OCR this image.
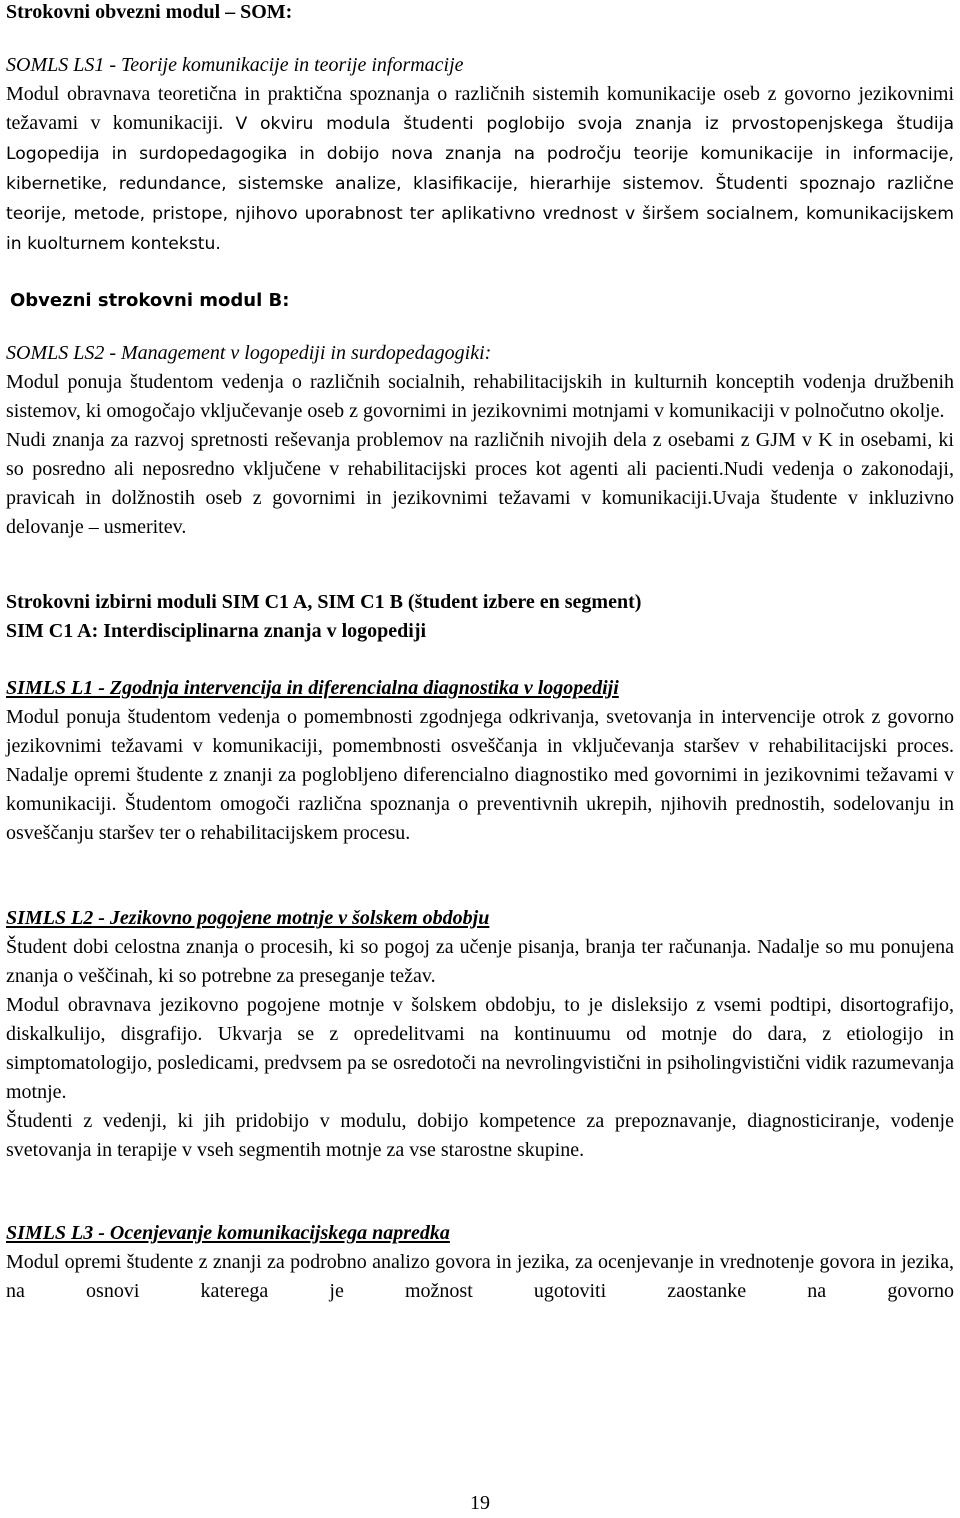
Strokovni obvezni modul – SOM:
SOMLS LS1 - Teorije komunikacije in teorije informacije
Modul obravnava teoretična in praktična spoznanja o različnih sistemih komunikacije oseb z govorno jezikovnimi težavami v komunikaciji. V okviru modula študenti poglobijo svoja znanja iz prvostopenjskega študija Logopedija in surdopedagogika in dobijo nova znanja na področju teorije komunikacije in informacije, kibernetike, redundance, sistemske analize, klasifikacije, hierarhije sistemov. Študenti spoznajo različne teorije, metode, pristope, njihovo uporabnost ter aplikativno vrednost v širšem socialnem, komunikacijskem in kuolturnem kontekstu.
Obvezni strokovni modul B:
SOMLS LS2 - Management v logopediji in surdopedagogiki:

Modul ponuja študentom vedenja o različnih socialnih, rehabilitacijskih in kulturnih konceptih vodenja družbenih sistemov, ki omogočajo vključevanje oseb z govornimi in jezikovnimi motnjami v komunikaciji v polnočutno okolje.

Nudi znanja za razvoj spretnosti reševanja problemov na različnih nivojih dela z osebami z GJM v K in osebami, ki so posredno ali neposredno vključene v rehabilitacijski proces kot agenti ali pacienti.Nudi vedenja o zakonodaji, pravicah in dolžnostih oseb z govornimi in jezikovnimi težavami v komunikaciji.Uvaja študente v inkluzivno delovanje – usmeritev.

Strokovni izbirni moduli SIM C1 A, SIM C1 B (študent izbere en segment)
SIM C1 A: Interdisciplinarna znanja v logopediji
SIMLS L1 - Zgodnja intervencija in diferencialna diagnostika v logopediji

Modul ponuja študentom vedenja o pomembnosti zgodnjega odkrivanja, svetovanja in intervencije otrok z govorno jezikovnimi težavami v komunikaciji, pomembnosti osveščanja in vključevanja staršev v rehabilitacijski proces. Nadalje opremi študente z znanji za poglobljeno diferencialno diagnostiko med govornimi in jezikovnimi težavami v komunikaciji. Študentom omogoči različna spoznanja o preventivnih ukrepih, njihovih prednostih, sodelovanju in osveščanju staršev ter o rehabilitacijskem procesu.

SIMLS L2 - Jezikovno pogojene motnje v šolskem obdobju

Študent dobi celostna znanja o procesih, ki so pogoj za učenje pisanja, branja ter računanja. Nadalje so mu ponujena znanja o veščinah, ki so potrebne za preseganje težav.

Modul obravnava jezikovno pogojene motnje v šolskem obdobju, to je disleksijo z vsemi podtipi, disortografijo, diskalkulijo, disgrafijo. Ukvarja se z opredelitvami na kontinuumu od motnje do dara, z etiologijo in simptomatologijo, posledicami, predvsem pa se osredotoči na nevrolingvistični in psiholingvistični vidik razumevanja motnje.

Študenti z vedenji, ki jih pridobijo v modulu, dobijo kompetence za prepoznavanje, diagnosticiranje, vodenje svetovanja in terapije v vseh segmentih motnje za vse starostne skupine.

SIMLS L3 - Ocenjevanje komunikacijskega napredka

Modul opremi študente z znanji za podrobno analizo govora in jezika, za ocenjevanje in vrednotenje govora in jezika, na osnovi katerega je možnost ugotoviti zaostanke na govorno

19
